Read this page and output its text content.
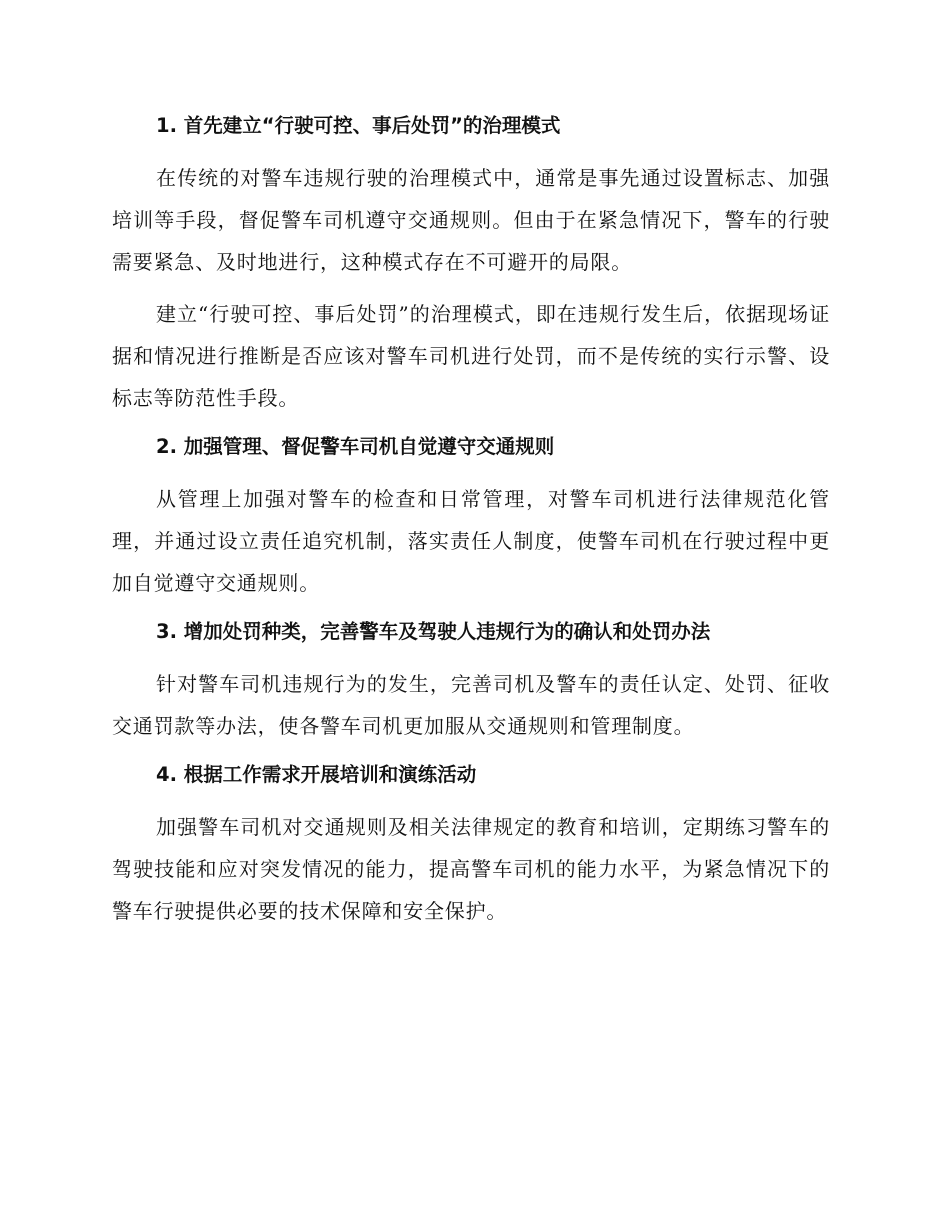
1. 首先建立“行驶可控、事后处罚”的治理模式

在传统的对警车违规行驶的治理模式中，通常是事先通过设置标志、加强培训等手段，督促警车司机遵守交通规则。但由于在紧急情况下，警车的行驶需要紧急、及时地进行，这种模式存在不可避开的局限。

建立“行驶可控、事后处罚”的治理模式，即在违规行发生后，依据现场证据和情况进行推断是否应该对警车司机进行处罚，而不是传统的实行示警、设标志等防范性手段。

2. 加强管理、督促警车司机自觉遵守交通规则

从管理上加强对警车的检查和日常管理，对警车司机进行法律规范化管理，并通过设立责任追究机制，落实责任人制度，使警车司机在行驶过程中更加自觉遵守交通规则。

3. 增加处罚种类，完善警车及驾驶人违规行为的确认和处罚办法

针对警车司机违规行为的发生，完善司机及警车的责任认定、处罚、征收交通罚款等办法，使各警车司机更加服从交通规则和管理制度。

4. 根据工作需求开展培训和演练活动

加强警车司机对交通规则及相关法律规定的教育和培训，定期练习警车的驾驶技能和应对突发情况的能力，提高警车司机的能力水平，为紧急情况下的警车行驶提供必要的技术保障和安全保护。
